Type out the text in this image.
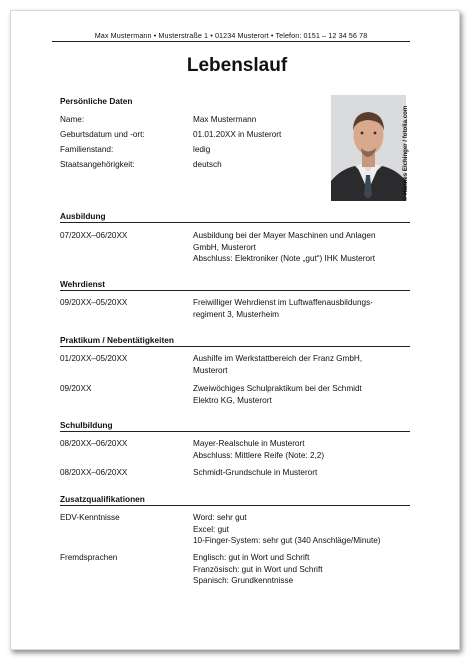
Max Mustermann • Musterstraße 1 • 01234 Musterort • Telefon: 0151 – 12 34 56 78
Lebenslauf
Persönliche Daten
Name:	Max Mustermann
Geburtsdatum und -ort:	01.01.20XX in Musterort
Familienstand:	ledig
Staatsangehörigkeit:	deutsch	© Hannes Eichinger / fotolia.com
Ausbildung
07/20XX–06/20XX	Ausbildung bei der Mayer Maschinen und Anlagen
GmbH, Musterort
Abschluss: Elektroniker (Note „gut“) IHK Musterort
Wehrdienst
09/20XX–05/20XX	Freiwilliger Wehrdienst im Luftwaffenausbildungs-
regiment 3, Musterheim
Praktikum / Nebentätigkeiten
01/20XX–05/20XX	Aushilfe im Werkstattbereich der Franz GmbH,
Musterort
09/20XX	Zweiwöchiges Schulpraktikum bei der Schmidt
Elektro KG, Musterort
Schulbildung
08/20XX–06/20XX	Mayer-Realschule in Musterort
Abschluss: Mittlere Reife (Note: 2,2)
08/20XX–06/20XX	Schmidt-Grundschule in Musterort
Zusatzqualifikationen
EDV-Kenntnisse	Word: sehr gut
Excel: gut
10-Finger-System: sehr gut (340 Anschläge/Minute)
Fremdsprachen	Englisch: gut in Wort und Schrift
Französisch: gut in Wort und Schrift
Spanisch: Grundkenntnisse
